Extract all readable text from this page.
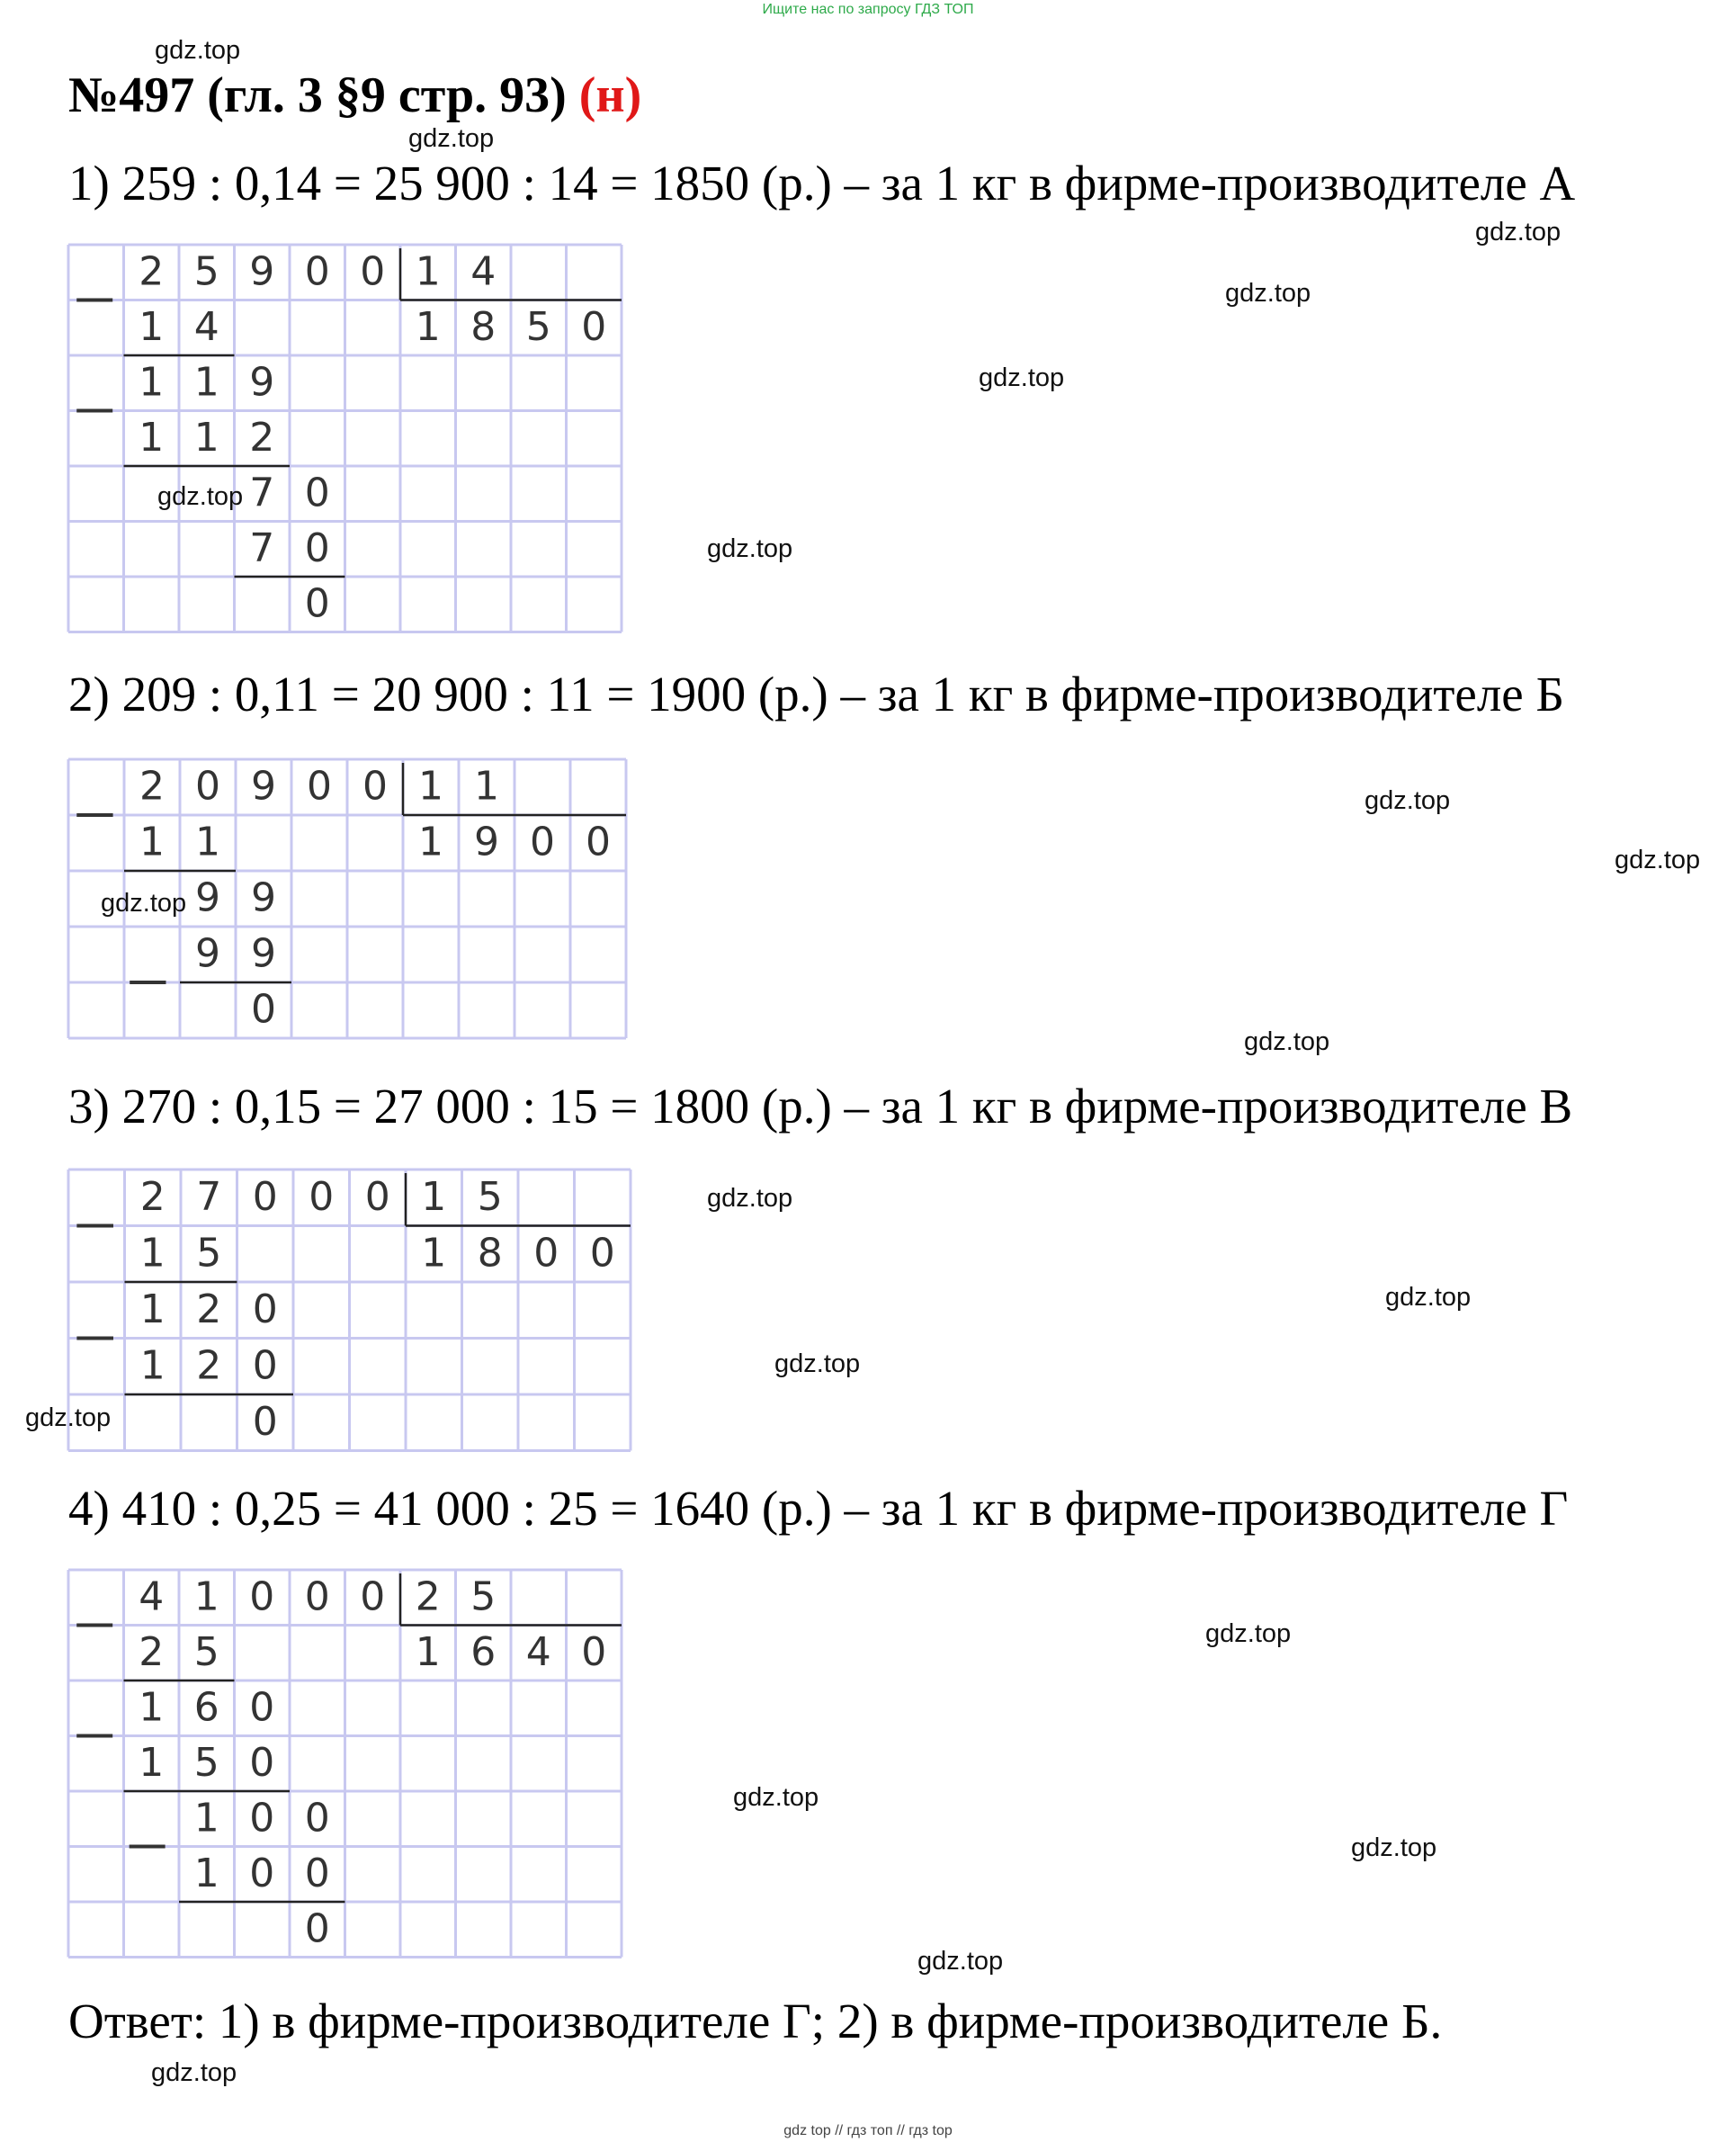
Ищите нас по запросу ГДЗ ТОП
№497 (гл. 3 §9 стр. 93) (н)
1) 259 : 0,14 = 25 900 : 14 = 1850 (р.) – за 1 кг в фирме-производителе А
2) 209 : 0,11 = 20 900 : 11 = 1900 (р.) – за 1 кг в фирме-производителе Б
3) 270 : 0,15 = 27 000 : 15 = 1800 (р.) – за 1 кг в фирме-производителе В
4) 410 : 0,25 = 41 000 : 25 = 1640 (р.) – за 1 кг в фирме-производителе Г
Ответ: 1) в фирме-производителе Г; 2) в фирме-производителе Б.
2 5 9 0 0 1 4
1 4	1 8 5 0
1 1 9
1 1 2
7 0
7 0
0
2 0 9 0 0 1 1
1 1	1 9 0 0
9 9
9 9
0
2 7 0 0 0 1 5
1 5	1 8 0 0
1 2 0
1 2 0
0
4 1 0 0 0 2 5
2 5	1 6 4 0
1 6 0
1 5 0
1 0 0
1 0 0
0
gdz.top
gdz.top
gdz.top
gdz.top
gdz.top
gdz.top
gdz.top
gdz.top
gdz.top
gdz.top
gdz.top
gdz.top
gdz.top
gdz.top
gdz.top
gdz.top
gdz.top
gdz.top
gdz.top
gdz.top
gdz top // гдз топ // гдз top
